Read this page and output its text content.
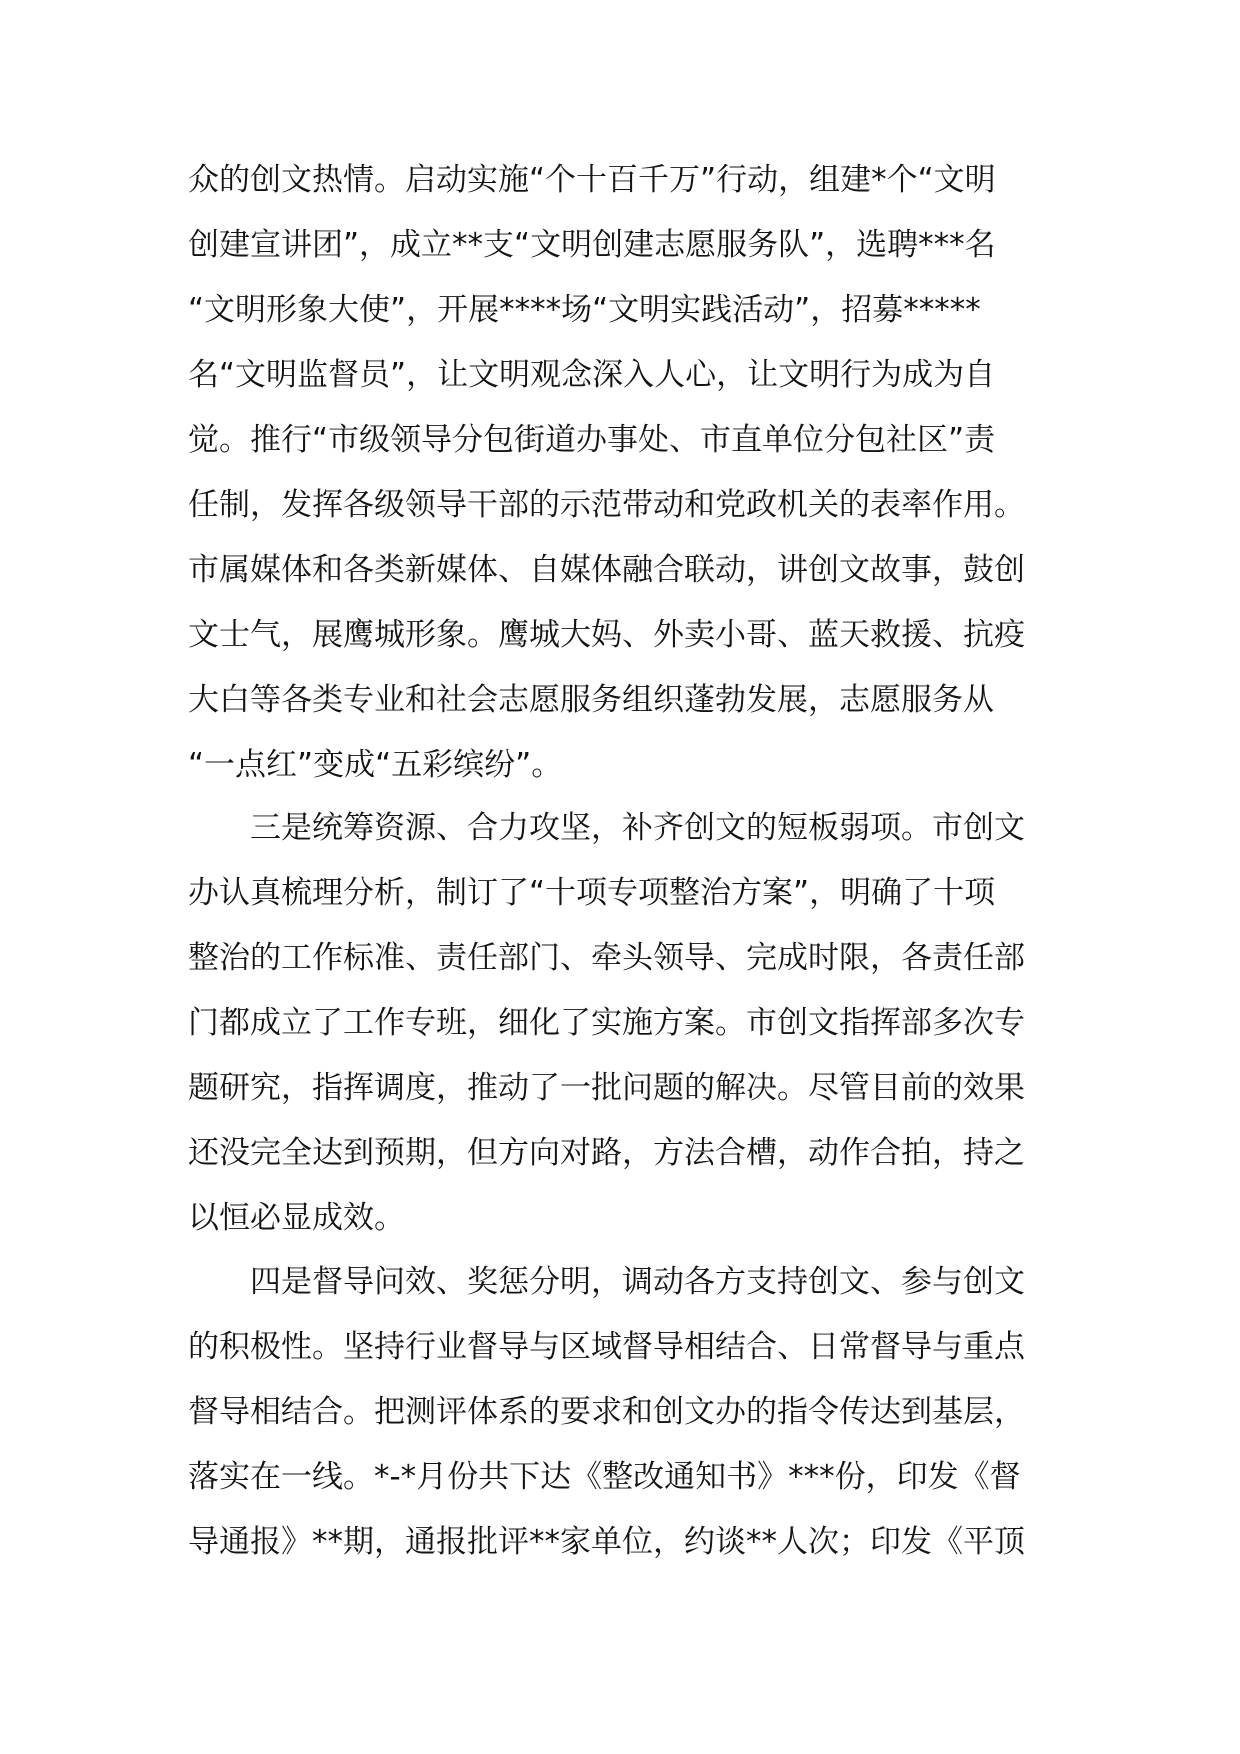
众的创文热情。启动实施“个十百千万”行动，组建*个“文明
创建宣讲团”，成立**支“文明创建志愿服务队”，选聘***名
“文明形象大使”，开展****场“文明实践活动”，招募*****
名“文明监督员”，让文明观念深入人心，让文明行为成为自
觉。推行“市级领导分包街道办事处、市直单位分包社区”责
任制，发挥各级领导干部的示范带动和党政机关的表率作用。
市属媒体和各类新媒体、自媒体融合联动，讲创文故事，鼓创
文士气，展鹰城形象。鹰城大妈、外卖小哥、蓝天救援、抗疫
大白等各类专业和社会志愿服务组织蓬勃发展，志愿服务从
“一点红”变成“五彩缤纷”。
三是统筹资源、合力攻坚，补齐创文的短板弱项。市创文
办认真梳理分析，制订了“十项专项整治方案”，明确了十项
整治的工作标准、责任部门、牵头领导、完成时限，各责任部
门都成立了工作专班，细化了实施方案。市创文指挥部多次专
题研究，指挥调度，推动了一批问题的解决。尽管目前的效果
还没完全达到预期，但方向对路，方法合槽，动作合拍，持之
以恒必显成效。
四是督导问效、奖惩分明，调动各方支持创文、参与创文
的积极性。坚持行业督导与区域督导相结合、日常督导与重点
督导相结合。把测评体系的要求和创文办的指令传达到基层，
落实在一线。*-*月份共下达《整改通知书》***份，印发《督
导通报》**期，通报批评**家单位，约谈**人次；印发《平顶
